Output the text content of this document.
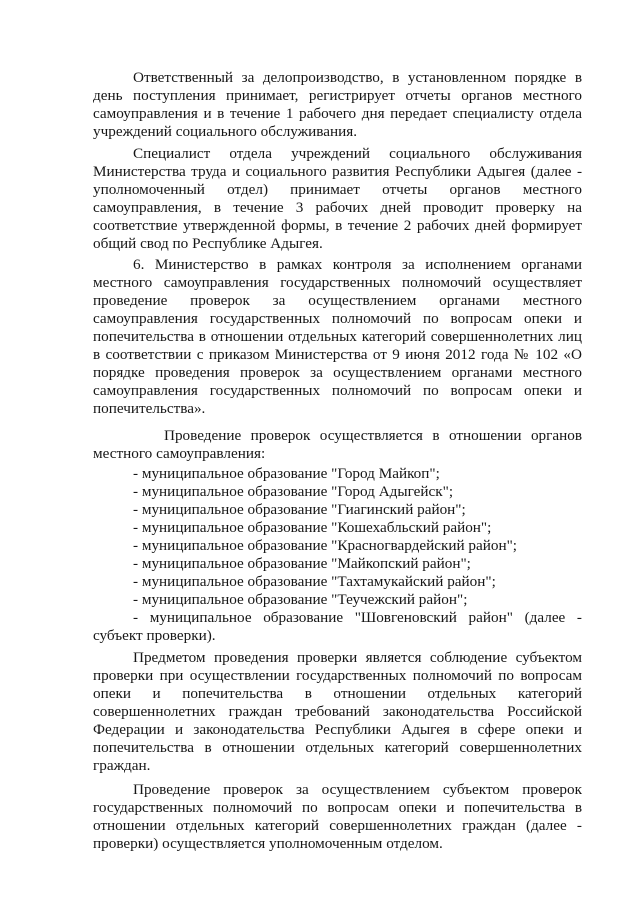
Ответственный за делопроизводство, в установленном порядке в
день поступления принимает, регистрирует отчеты органов местного
самоуправления и в течение 1 рабочего дня передает специалисту отдела
учреждений социального обслуживания.
Специалист отдела учреждений социального обслуживания
Министерства труда и социального развития Республики Адыгея (далее -
уполномоченный отдел) принимает отчеты органов местного
самоуправления, в течение 3 рабочих дней проводит проверку на
соответствие утвержденной формы, в течение 2 рабочих дней формирует
общий свод по Республике Адыгея.
6. Министерство в рамках контроля за исполнением органами
местного самоуправления государственных полномочий осуществляет
проведение проверок за осуществлением органами местного
самоуправления государственных полномочий по вопросам опеки и
попечительства в отношении отдельных категорий совершеннолетних лиц
в соответствии с приказом Министерства от 9 июня 2012 года № 102 «О
порядке проведения проверок за осуществлением органами местного
самоуправления государственных полномочий по вопросам опеки и
попечительства».
Проведение проверок осуществляется в отношении органов
местного самоуправления:
- муниципальное образование "Город Майкоп";
- муниципальное образование "Город Адыгейск";
- муниципальное образование "Гиагинский район";
- муниципальное образование "Кошехабльский район";
- муниципальное образование "Красногвардейский район";
- муниципальное образование "Майкопский район";
- муниципальное образование "Тахтамукайский район";
- муниципальное образование "Теучежский район";
- муниципальное образование "Шовгеновский район" (далее -
субъект проверки).
Предметом проведения проверки является соблюдение субъектом
проверки при осуществлении государственных полномочий по вопросам
опеки и попечительства в отношении отдельных категорий
совершеннолетних граждан требований законодательства Российской
Федерации и законодательства Республики Адыгея в сфере опеки и
попечительства в отношении отдельных категорий совершеннолетних
граждан.
Проведение проверок за осуществлением субъектом проверок
государственных полномочий по вопросам опеки и попечительства в
отношении отдельных категорий совершеннолетних граждан (далее -
проверки) осуществляется уполномоченным отделом.
